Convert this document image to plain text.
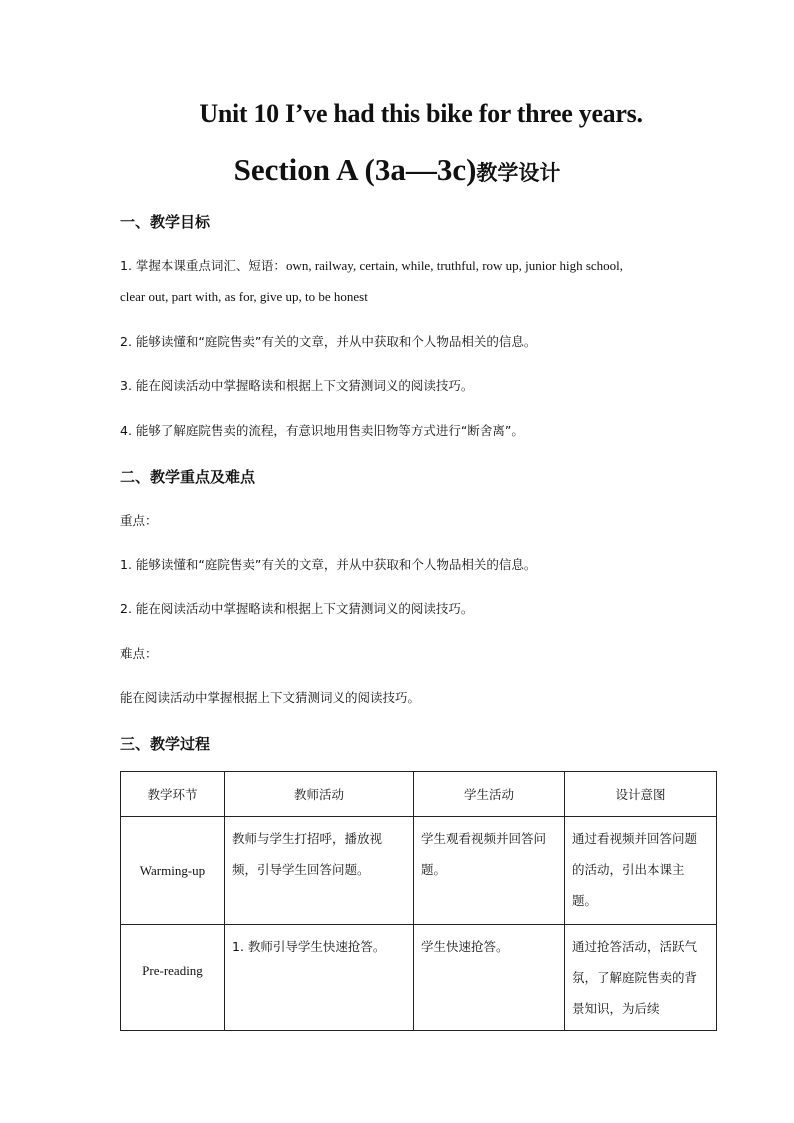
Unit 10 I’ve had this bike for three years.
Section A (3a—3c)教学设计
一、教学目标
1. 掌握本课重点词汇、短语：own, railway, certain, while, truthful, row up, junior high school,
clear out, part with, as for, give up, to be honest
2. 能够读懂和“庭院售卖”有关的文章，并从中获取和个人物品相关的信息。
3. 能在阅读活动中掌握略读和根据上下文猜测词义的阅读技巧。
4. 能够了解庭院售卖的流程，有意识地用售卖旧物等方式进行“断舍离”。
二、教学重点及难点
重点：
1. 能够读懂和“庭院售卖”有关的文章，并从中获取和个人物品相关的信息。
2. 能在阅读活动中掌握略读和根据上下文猜测词义的阅读技巧。
难点：
能在阅读活动中掌握根据上下文猜测词义的阅读技巧。
三、教学过程
教学环节	教师活动	学生活动	设计意图
Warming-up	教师与学生打招呼，播放视频，引导学生回答问题。	学生观看视频并回答问题。	通过看视频并回答问题的活动，引出本课主题。
Pre-reading	1. 教师引导学生快速抢答。	学生快速抢答。	通过抢答活动，活跃气氛，了解庭院售卖的背景知识，为后续
